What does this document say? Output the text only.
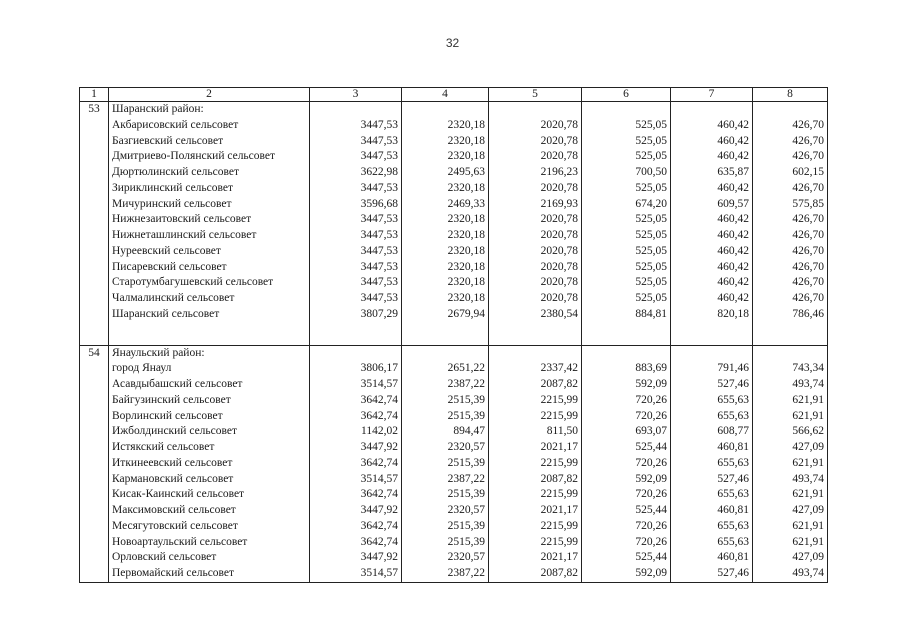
32
1	2	3	4	5	6	7	8
53	Шаранский район:						
	Акбарисовский сельсовет	3447,53	2320,18	2020,78	525,05	460,42	426,70
	Базгиевский сельсовет	3447,53	2320,18	2020,78	525,05	460,42	426,70
	Дмитриево-Полянский сельсовет	3447,53	2320,18	2020,78	525,05	460,42	426,70
	Дюртюлинский сельсовет	3622,98	2495,63	2196,23	700,50	635,87	602,15
	Зириклинский сельсовет	3447,53	2320,18	2020,78	525,05	460,42	426,70
	Мичуринский сельсовет	3596,68	2469,33	2169,93	674,20	609,57	575,85
	Нижнезаитовский сельсовет	3447,53	2320,18	2020,78	525,05	460,42	426,70
	Нижнеташлинский сельсовет	3447,53	2320,18	2020,78	525,05	460,42	426,70
	Нуреевский сельсовет	3447,53	2320,18	2020,78	525,05	460,42	426,70
	Писаревский сельсовет	3447,53	2320,18	2020,78	525,05	460,42	426,70
	Старотумбагушевский сельсовет	3447,53	2320,18	2020,78	525,05	460,42	426,70
	Чалмалинский сельсовет	3447,53	2320,18	2020,78	525,05	460,42	426,70
	Шаранский сельсовет	3807,29	2679,94	2380,54	884,81	820,18	786,46

54	Янаульский район:						
	город Янаул	3806,17	2651,22	2337,42	883,69	791,46	743,34
	Асавдыбашский сельсовет	3514,57	2387,22	2087,82	592,09	527,46	493,74
	Байгузинский сельсовет	3642,74	2515,39	2215,99	720,26	655,63	621,91
	Ворлинский сельсовет	3642,74	2515,39	2215,99	720,26	655,63	621,91
	Ижболдинский сельсовет	1142,02	894,47	811,50	693,07	608,77	566,62
	Истякский сельсовет	3447,92	2320,57	2021,17	525,44	460,81	427,09
	Иткинеевский сельсовет	3642,74	2515,39	2215,99	720,26	655,63	621,91
	Кармановский сельсовет	3514,57	2387,22	2087,82	592,09	527,46	493,74
	Кисак-Каинский сельсовет	3642,74	2515,39	2215,99	720,26	655,63	621,91
	Максимовский сельсовет	3447,92	2320,57	2021,17	525,44	460,81	427,09
	Месягутовский сельсовет	3642,74	2515,39	2215,99	720,26	655,63	621,91
	Новоартаульский сельсовет	3642,74	2515,39	2215,99	720,26	655,63	621,91
	Орловский сельсовет	3447,92	2320,57	2021,17	525,44	460,81	427,09
	Первомайский сельсовет	3514,57	2387,22	2087,82	592,09	527,46	493,74
